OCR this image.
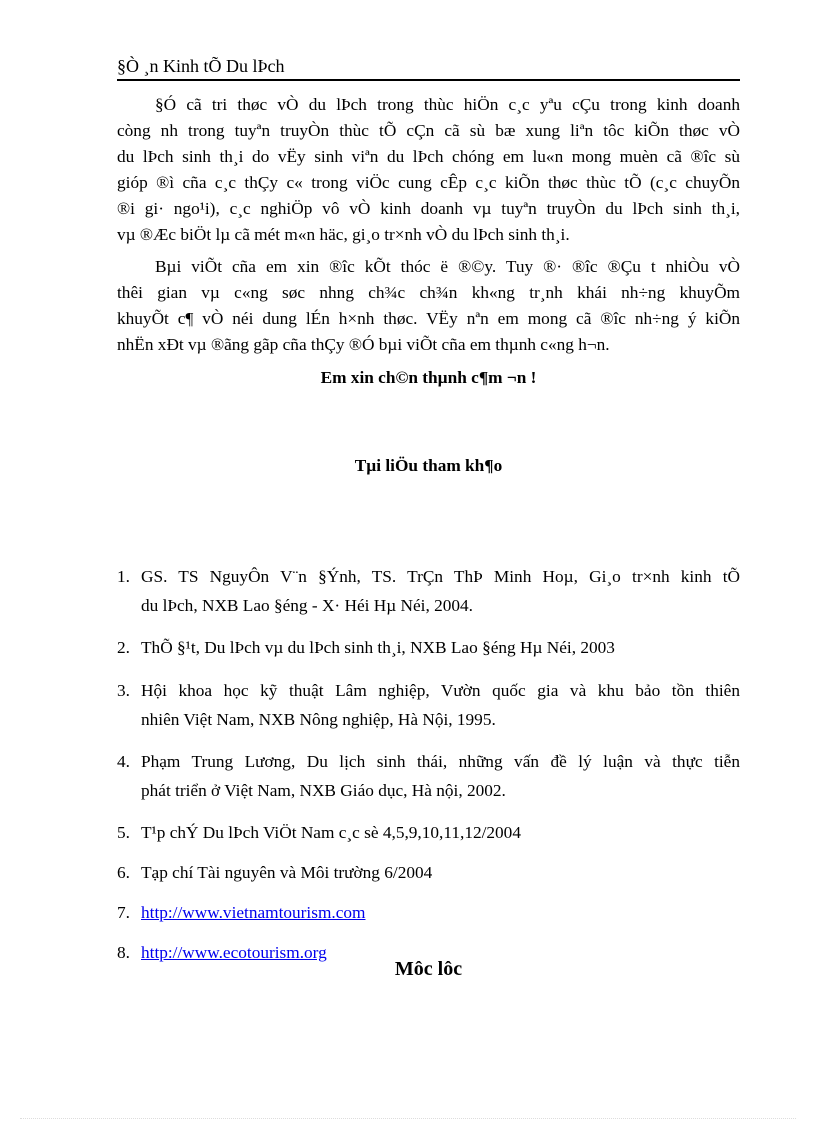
§Ò ¸n Kinh tÕ Du lÞch
§Ó cã tri thøc vÒ du lÞch trong thùc hiÖn c¸c yªu cÇu trong kinh doanh
còng nh trong tuyªn truyÒn thùc tÕ cÇn cã sù bæ xung liªn tôc kiÕn thøc vÒ
du lÞch sinh th¸i do vËy sinh viªn du lÞch chóng em lu«n mong muèn cã ®îc sù
gióp ®ì cña c¸c thÇy c« trong viÖc cung cÊp c¸c kiÕn thøc thùc tÕ (c¸c chuyÕn
®i gi· ngo¹i), c¸c nghiÖp vô vÒ kinh doanh vµ tuyªn truyÒn du lÞch sinh th¸i,
vµ ®Æc biÖt lµ cã mét m«n häc, gi¸o tr×nh vÒ du lÞch sinh th¸i.
Bµi viÕt cña em xin ®îc kÕt thóc ë ®©y. Tuy ®· ®îc ®Çu t nhiÒu vÒ
thêi gian vµ c«ng søc nhng ch¾c ch¾n kh«ng tr¸nh khái nh÷ng khuyÕm
khuyÕt c¶ vÒ néi dung lÉn h×nh thøc. VËy nªn em mong cã ®îc nh÷ng ý kiÕn
nhËn xÐt vµ ®ãng gãp cña thÇy ®Ó bµi viÕt cña em thµnh c«ng h¬n.
Em xin ch©n thµnh c¶m ¬n !
Tµi liÖu tham kh¶o
1. GS. TS NguyÔn V¨n §Ýnh, TS. TrÇn ThÞ Minh Hoµ, Gi¸o tr×nh kinh tÕ
du lÞch, NXB Lao §éng - X· Héi Hµ Néi, 2004.
2. ThÕ §¹t, Du lÞch vµ du lÞch sinh th¸i, NXB Lao §éng Hµ Néi, 2003
3. Hội khoa học kỹ thuật Lâm nghiệp, Vườn quốc gia và khu bảo tồn thiên
nhiên Việt Nam, NXB Nông nghiệp, Hà Nội, 1995.
4. Phạm Trung Lương, Du lịch sinh thái, những vấn đề lý luận và thực tiễn
phát triển ở Việt Nam, NXB Giáo dục, Hà nội, 2002.
5. T¹p chÝ Du lÞch ViÖt Nam c¸c sè 4,5,9,10,11,12/2004
6. Tạp chí Tài nguyên và Môi trường 6/2004
7. http://www.vietnamtourism.com
8. http://www.ecotourism.org
Môc lôc
